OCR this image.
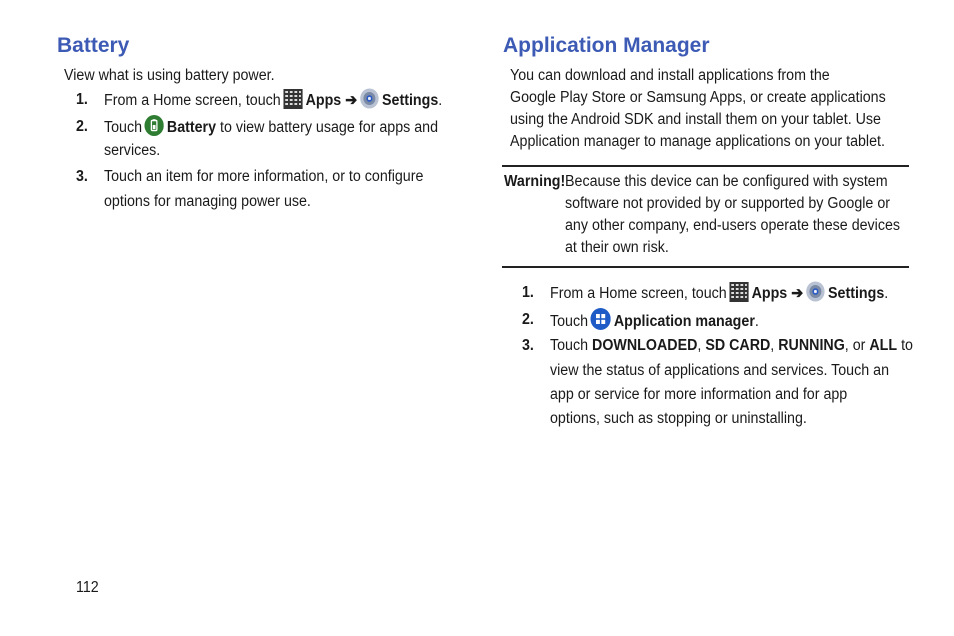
Battery
View what is using battery power.
1. From a Home screen, touch Apps ➔ Settings.
2. Touch Battery to view battery usage for apps and
services.
3. Touch an item for more information, or to configure
options for managing power use.
Application Manager
You can download and install applications from the
Google Play Store or Samsung Apps, or create applications
using the Android SDK and install them on your tablet. Use
Application manager to manage applications on your tablet.
Warning! Because this device can be configured with system
software not provided by or supported by Google or
any other company, end-users operate these devices
at their own risk.
1. From a Home screen, touch Apps ➔ Settings.
2. Touch Application manager.
3. Touch DOWNLOADED, SD CARD, RUNNING, or ALL to
view the status of applications and services. Touch an
app or service for more information and for app
options, such as stopping or uninstalling.
112
